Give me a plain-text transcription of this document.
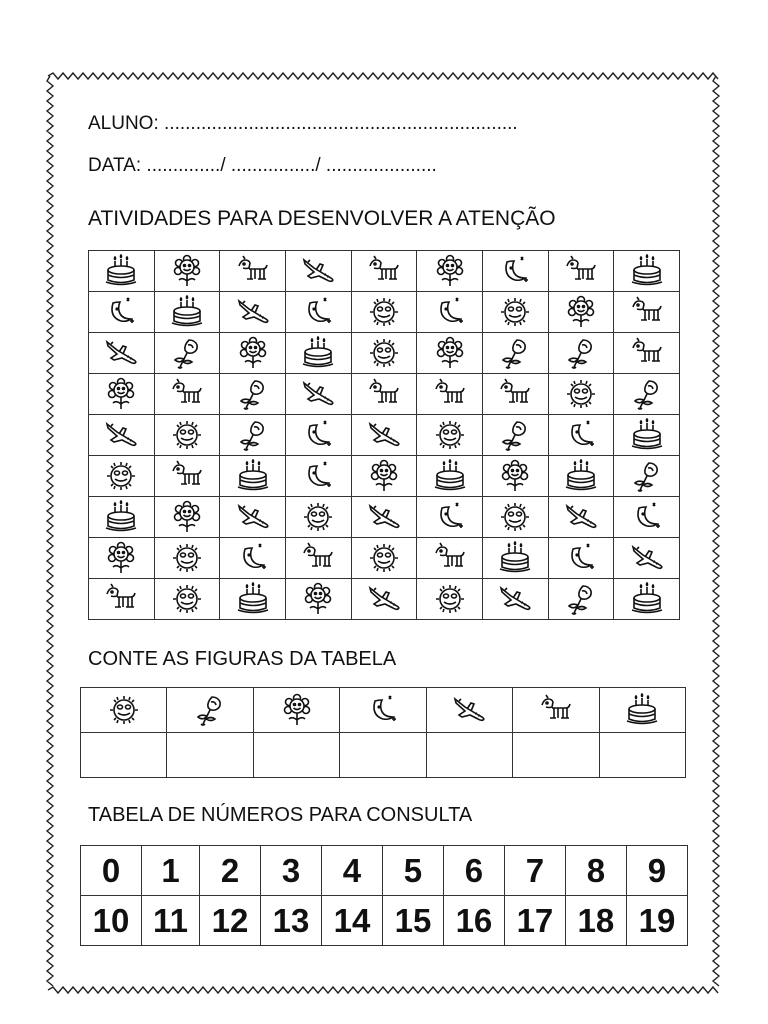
ALUNO: ...................................................................
DATA: ............../ ................/ .....................
ATIVIDADES PARA DESENVOLVER A ATENÇÃO

CONTE AS FIGURAS DA TABELA

TABELA DE NÚMEROS PARA CONSULTA
0	1	2	3	4	5	6	7	8	9
10	11	12	13	14	15	16	17	18	19
